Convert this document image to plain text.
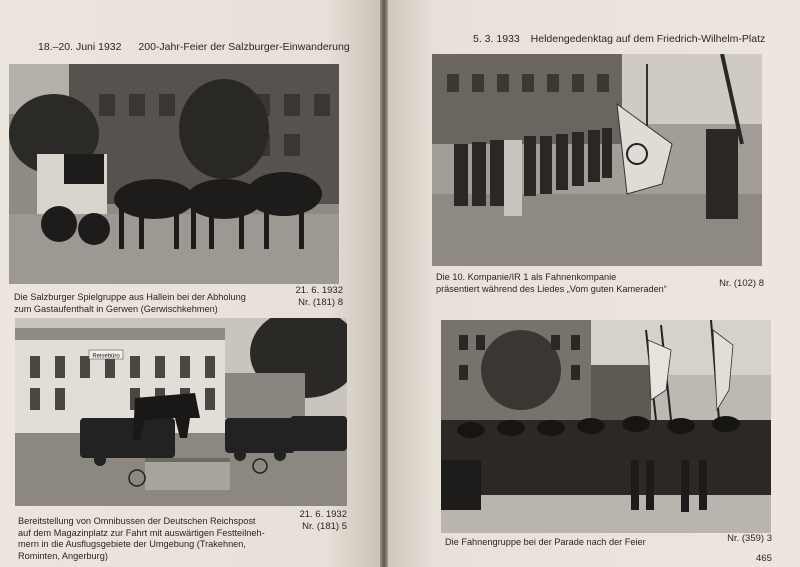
18.–20. Juni 1932 200-Jahr-Feier der Salzburger-Einwanderung
Die Salzburger Spielgruppe aus Hallein bei der Abholung
zum Gastaufenthalt in Gerwen (Gerwischkehmen)
21. 6. 1932
Nr. (181) 8
Reisebüro
Bereitstellung von Omnibussen der Deutschen Reichspost
auf dem Magazinplatz zur Fahrt mit auswärtigen Festteilneh-
mern in die Ausflugsgebiete der Umgebung (Trakehnen,
Rominten, Angerburg)
21. 6. 1932
Nr. (181) 5
5. 3. 1933 Heldengedenktag auf dem Friedrich-Wilhelm-Platz
Die 10. Kompanie/IR 1 als Fahnenkompanie
präsentiert während des Liedes „Vom guten Kameraden“	Nr. (102) 8
Die Fahnengruppe bei der Parade nach der Feier	Nr. (359) 3
465
